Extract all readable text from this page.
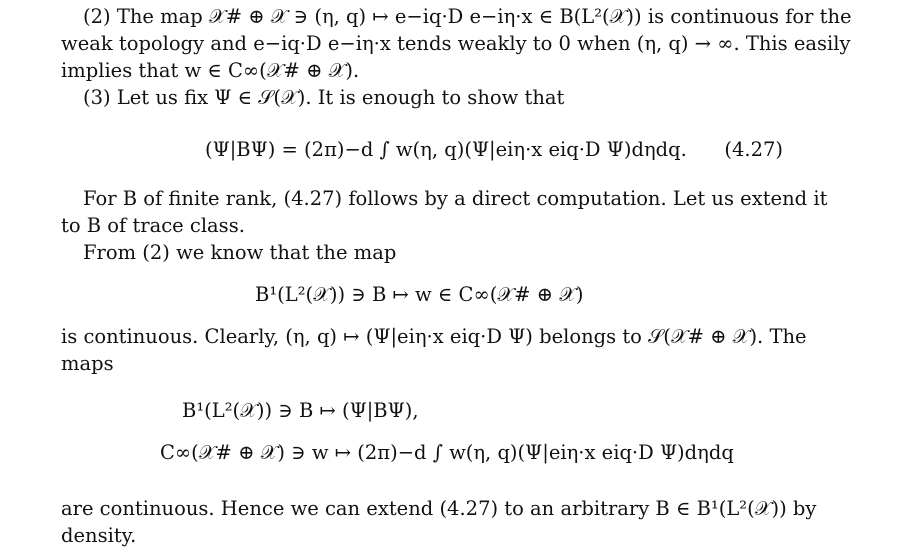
(2) The map 𝒳# ⊕ 𝒳 ∋ (η, q) ↦ e−iq·D e−iη·x ∈ B(L²(𝒳)) is continuous for the
weak topology and e−iq·D e−iη·x tends weakly to 0 when (η, q) → ∞. This easily
implies that w ∈ C∞(𝒳# ⊕ 𝒳).
(3) Let us fix Ψ ∈ 𝒮(𝒳). It is enough to show that
(Ψ|BΨ) = (2π)−d ∫ w(η, q)(Ψ|eiη·x eiq·D Ψ)dηdq. (4.27)
For B of finite rank, (4.27) follows by a direct computation. Let us extend it
to B of trace class.
From (2) we know that the map
B¹(L²(𝒳)) ∋ B ↦ w ∈ C∞(𝒳# ⊕ 𝒳)
is continuous. Clearly, (η, q) ↦ (Ψ|eiη·x eiq·D Ψ) belongs to 𝒮(𝒳# ⊕ 𝒳). The
maps
B¹(L²(𝒳)) ∋ B ↦ (Ψ|BΨ),
C∞(𝒳# ⊕ 𝒳) ∋ w ↦ (2π)−d ∫ w(η, q)(Ψ|eiη·x eiq·D Ψ)dηdq
are continuous. Hence we can extend (4.27) to an arbitrary B ∈ B¹(L²(𝒳)) by
density.
